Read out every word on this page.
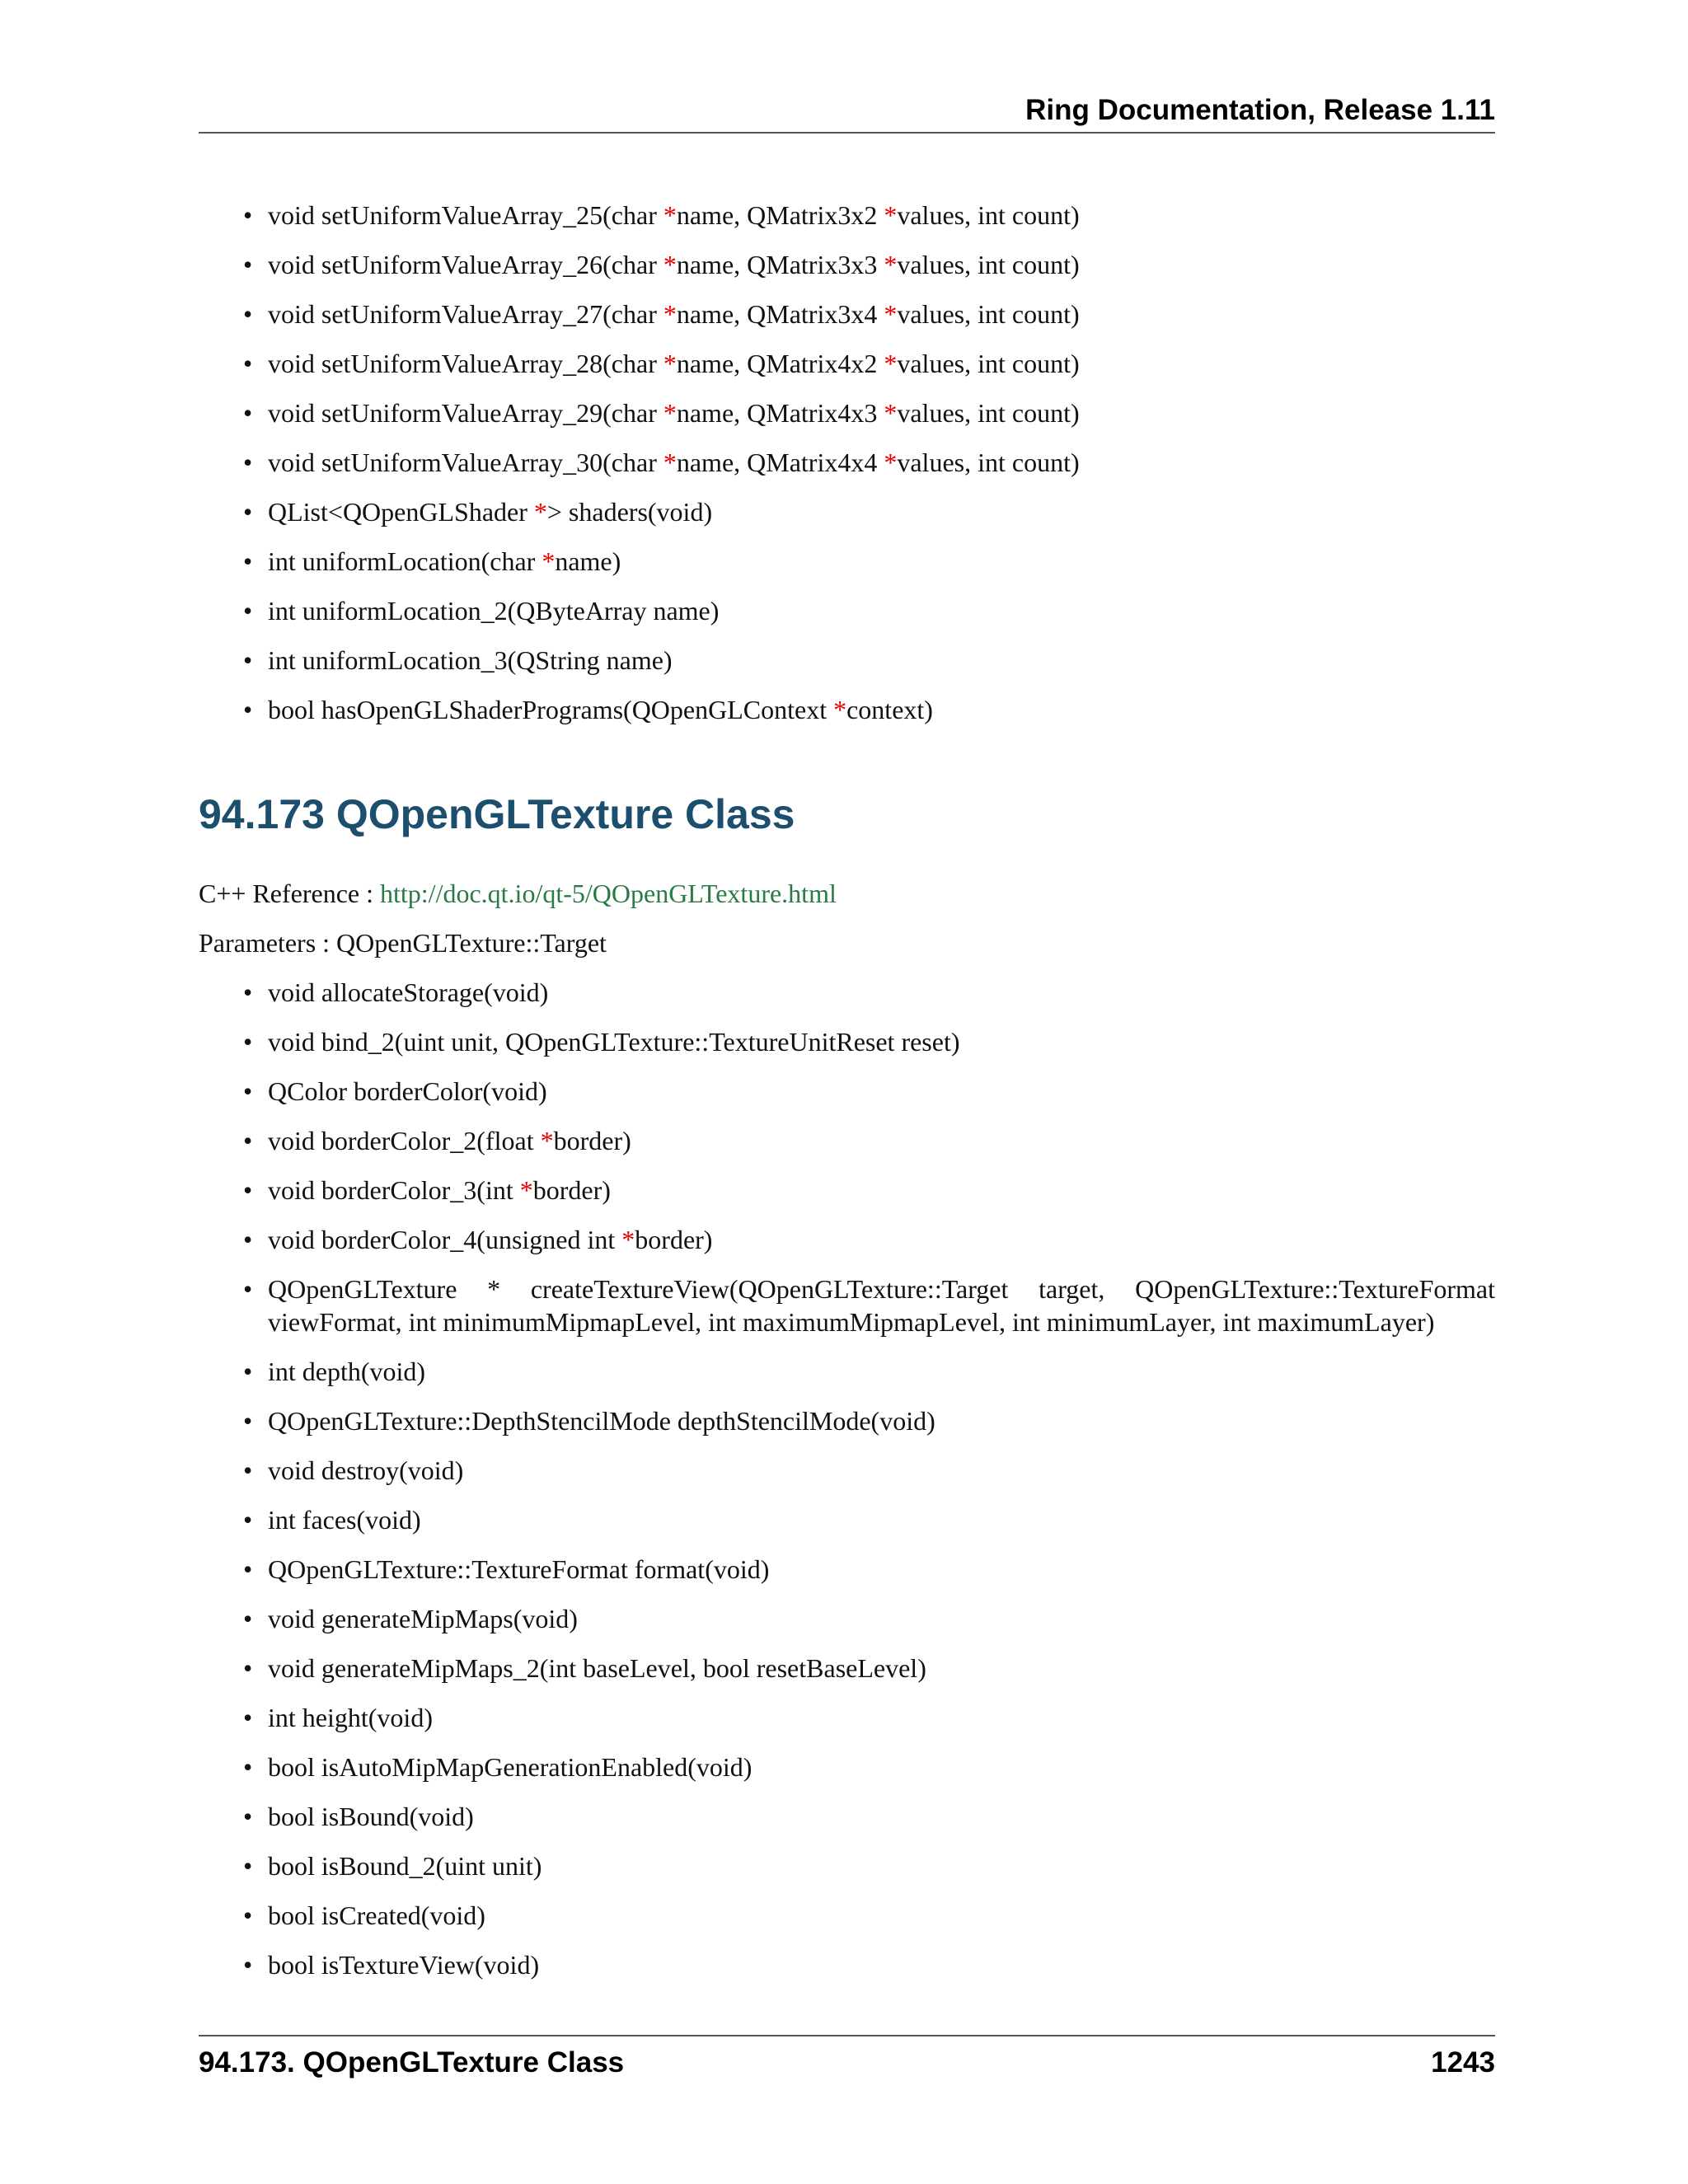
Ring Documentation, Release 1.11
• void setUniformValueArray_25(char *name, QMatrix3x2 *values, int count)
• void setUniformValueArray_26(char *name, QMatrix3x3 *values, int count)
• void setUniformValueArray_27(char *name, QMatrix3x4 *values, int count)
• void setUniformValueArray_28(char *name, QMatrix4x2 *values, int count)
• void setUniformValueArray_29(char *name, QMatrix4x3 *values, int count)
• void setUniformValueArray_30(char *name, QMatrix4x4 *values, int count)
• QList<QOpenGLShader *> shaders(void)
• int uniformLocation(char *name)
• int uniformLocation_2(QByteArray name)
• int uniformLocation_3(QString name)
• bool hasOpenGLShaderPrograms(QOpenGLContext *context)
94.173 QOpenGLTexture Class

C++ Reference : http://doc.qt.io/qt-5/QOpenGLTexture.html

Parameters : QOpenGLTexture::Target

• void allocateStorage(void)
• void bind_2(uint unit, QOpenGLTexture::TextureUnitReset reset)
• QColor borderColor(void)
• void borderColor_2(float *border)
• void borderColor_3(int *border)
• void borderColor_4(unsigned int *border)
• QOpenGLTexture * createTextureView(QOpenGLTexture::Target target, QOpenGLTexture::TextureFormat viewFormat, int minimumMipmapLevel, int maximumMipmapLevel, int minimumLayer, int maximumLayer)
• int depth(void)
• QOpenGLTexture::DepthStencilMode depthStencilMode(void)
• void destroy(void)
• int faces(void)
• QOpenGLTexture::TextureFormat format(void)
• void generateMipMaps(void)
• void generateMipMaps_2(int baseLevel, bool resetBaseLevel)
• int height(void)
• bool isAutoMipMapGenerationEnabled(void)
• bool isBound(void)
• bool isBound_2(uint unit)
• bool isCreated(void)
• bool isTextureView(void)
94.173. QOpenGLTexture Class	1243
